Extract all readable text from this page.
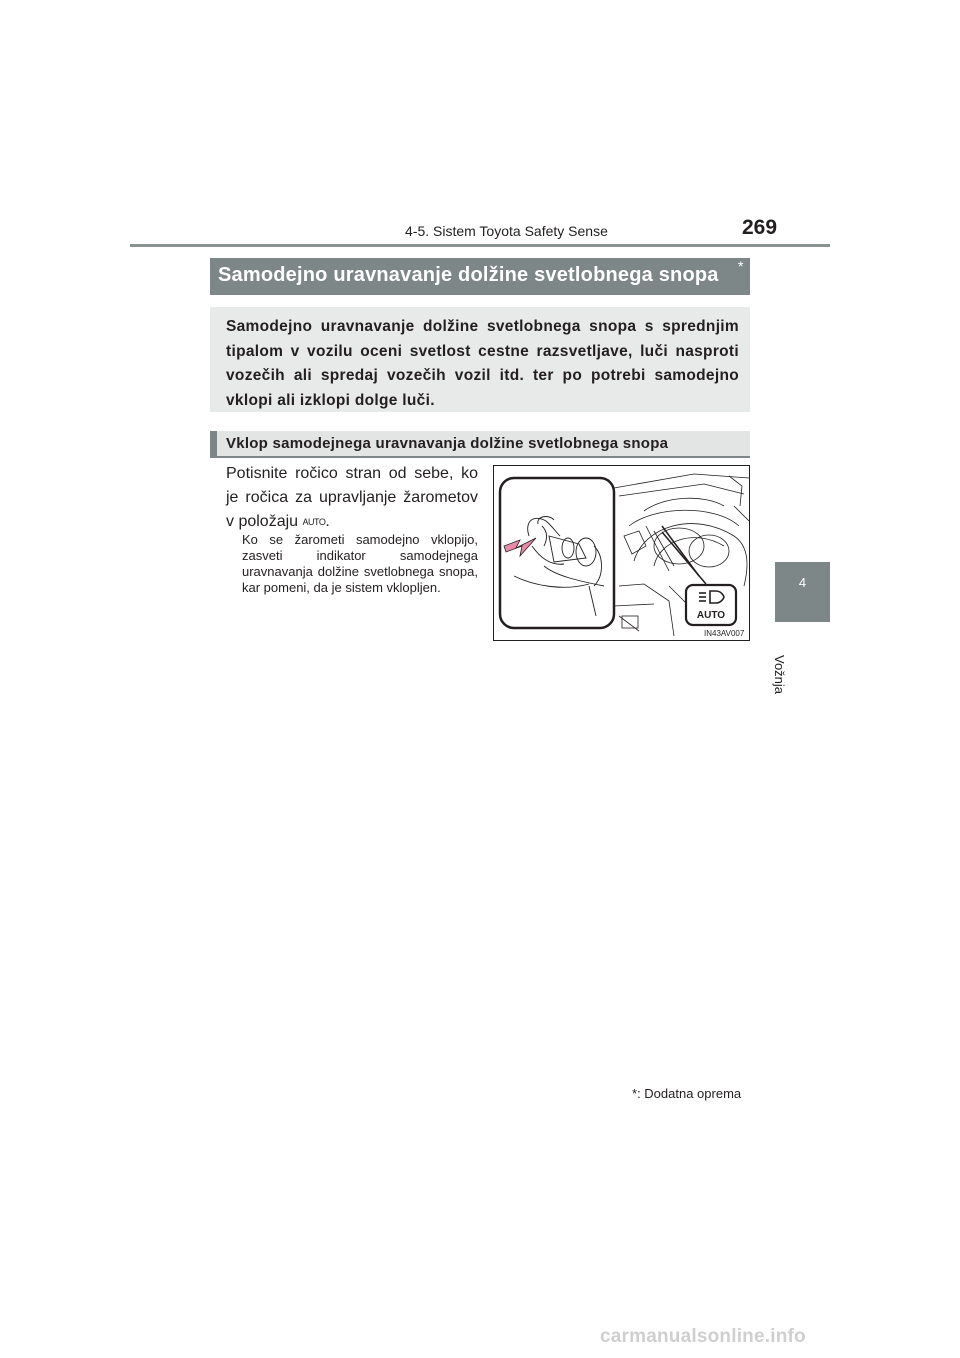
4-5. Sistem Toyota Safety Sense	269
4
Vožnja
Samodejno uravnavanje dolžine svetlobnega snopa *
Samodejno uravnavanje dolžine svetlobnega snopa s sprednjim tipalom v vozilu oceni svetlost cestne razsvetljave, luči nasproti vozečih ali spredaj vozečih vozil itd. ter po potrebi samodejno vklopi ali izklopi dolge luči.
Vklop samodejnega uravnavanja dolžine svetlobnega snopa
Potisnite ročico stran od sebe, ko je ročica za upravljanje žarometov v položaju AUTO.
Ko se žarometi samodejno vklopijo, zasveti indikator samodejnega uravnavanja dolžine svetlobnega snopa, kar pomeni, da je sistem vklopljen.
AUTO
IN43AV007
*: Dodatna oprema
carmanualsonline.info
